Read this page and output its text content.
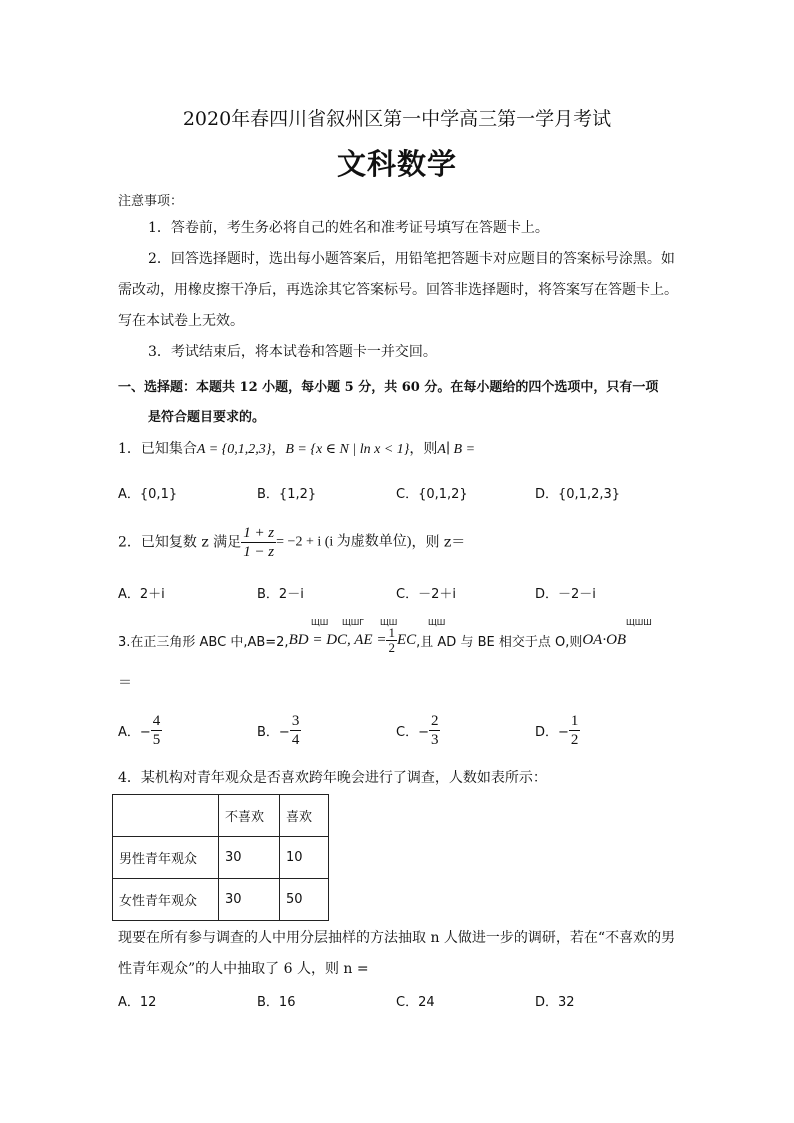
2020年春四川省叙州区第一中学高三第一学月考试
文科数学
注意事项：
1．答卷前，考生务必将自己的姓名和准考证号填写在答题卡上。
2．回答选择题时，选出每小题答案后，用铅笔把答题卡对应题目的答案标号涂黑。如
需改动，用橡皮擦干净后，再选涂其它答案标号。回答非选择题时，将答案写在答题卡上。
写在本试卷上无效。
3．考试结束后，将本试卷和答题卡一并交回。
一、选择题：本题共 12 小题，每小题 5 分，共 60 分。在每小题给的四个选项中，只有一项
是符合题目要求的。
1．已知集合A = {0,1,2,3}，B = {x ∈ N | ln x < 1}，则A∣ B =
A．{0,1}	B．{1,2}	C．{0,1,2}	D．{0,1,2,3}
2．已知复数 z 满足 $\frac{1 + z}{1 - z} = -2 + i$ (i 为虚数单位)，则 z＝
A．2＋i	B．2－i	C．－2＋i	D．－2－i
ЩШ ЩШГ ЩШ	ЩШ	ЩШШ
3.在正三角形 ABC 中,AB=2,BD = DC, AE = $\frac{1}{2}$ EC,且 AD 与 BE 相交于点 O,则OA·OB
＝
A．− $\frac{4}{5}$	B．− $\frac{3}{4}$	C．− $\frac{2}{3}$	D．− $\frac{1}{2}$
4．某机构对青年观众是否喜欢跨年晚会进行了调查，人数如表所示：
	不喜欢	喜欢
男性青年观众	30	10
女性青年观众	30	50
现要在所有参与调查的人中用分层抽样的方法抽取 n 人做进一步的调研，若在“不喜欢的男
性青年观众”的人中抽取了 6 人，则 n =
A．12	B．16	C．24	D．32
